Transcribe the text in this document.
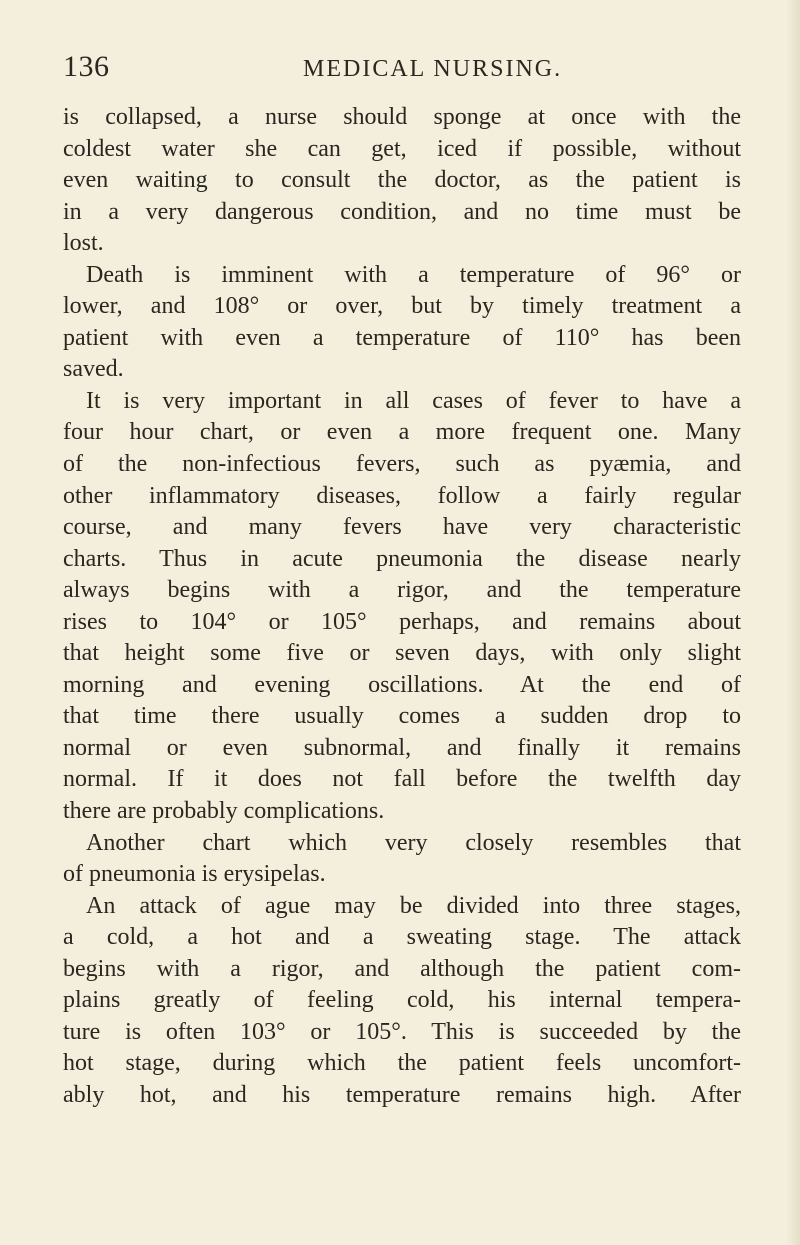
136	MEDICAL NURSING.
is collapsed, a nurse should sponge at once with the
coldest water she can get, iced if possible, without
even waiting to consult the doctor, as the patient is
in a very dangerous condition, and no time must be
lost.
Death is imminent with a temperature of 96° or
lower, and 108° or over, but by timely treatment a
patient with even a temperature of 110° has been
saved.
It is very important in all cases of fever to have a
four hour chart, or even a more frequent one. Many
of the non-infectious fevers, such as pyæmia, and
other inflammatory diseases, follow a fairly regular
course, and many fevers have very characteristic
charts. Thus in acute pneumonia the disease nearly
always begins with a rigor, and the temperature
rises to 104° or 105° perhaps, and remains about
that height some five or seven days, with only slight
morning and evening oscillations. At the end of
that time there usually comes a sudden drop to
normal or even subnormal, and finally it remains
normal. If it does not fall before the twelfth day
there are probably complications.
Another chart which very closely resembles that
of pneumonia is erysipelas.
An attack of ague may be divided into three stages,
a cold, a hot and a sweating stage. The attack
begins with a rigor, and although the patient com-
plains greatly of feeling cold, his internal tempera-
ture is often 103° or 105°. This is succeeded by the
hot stage, during which the patient feels uncomfort-
ably hot, and his temperature remains high. After
